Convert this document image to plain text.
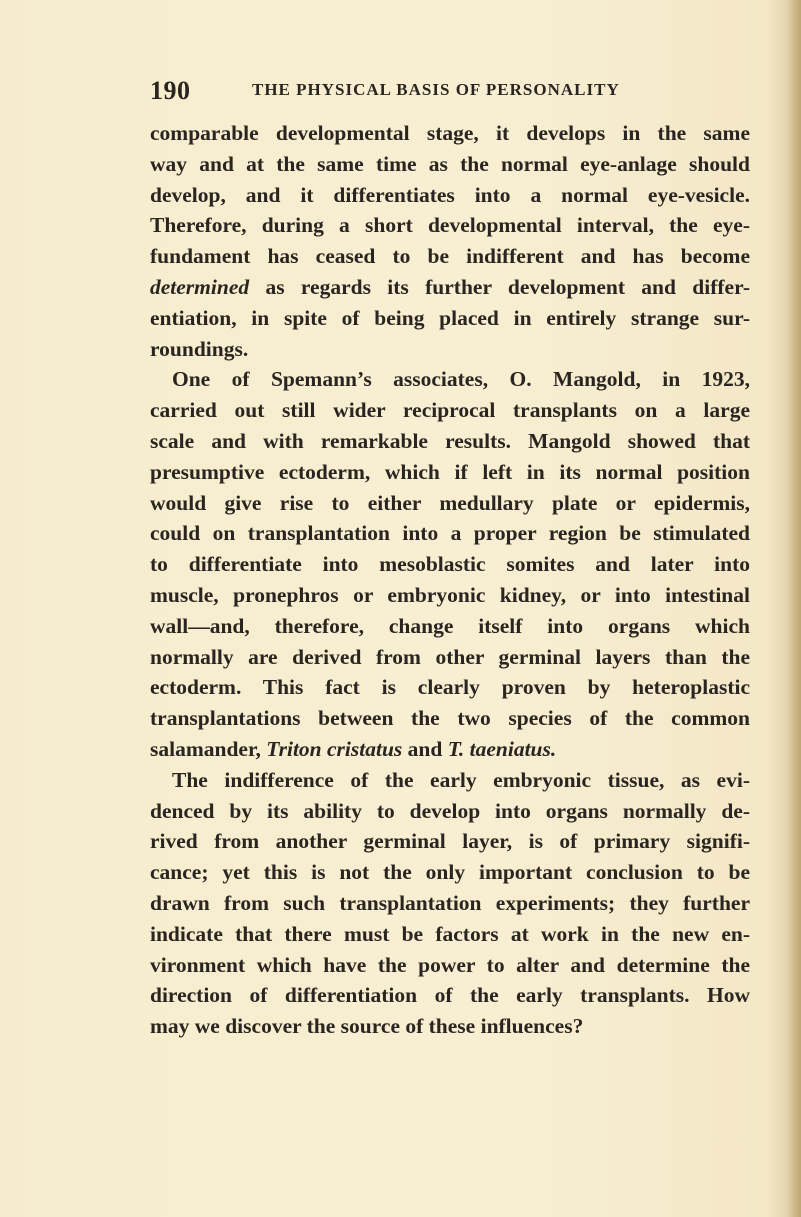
190	THE PHYSICAL BASIS OF PERSONALITY
comparable developmental stage, it develops in the same
way and at the same time as the normal eye-anlage should
develop, and it differentiates into a normal eye-vesicle.
Therefore, during a short developmental interval, the eye-
fundament has ceased to be indifferent and has become
determined as regards its further development and differ-
entiation, in spite of being placed in entirely strange sur-
roundings.
One of Spemann’s associates, O. Mangold, in 1923,
carried out still wider reciprocal transplants on a large
scale and with remarkable results. Mangold showed that
presumptive ectoderm, which if left in its normal position
would give rise to either medullary plate or epidermis,
could on transplantation into a proper region be stimulated
to differentiate into mesoblastic somites and later into
muscle, pronephros or embryonic kidney, or into intestinal
wall—and, therefore, change itself into organs which
normally are derived from other germinal layers than the
ectoderm. This fact is clearly proven by heteroplastic
transplantations between the two species of the common
salamander, Triton cristatus and T. taeniatus.
The indifference of the early embryonic tissue, as evi-
denced by its ability to develop into organs normally de-
rived from another germinal layer, is of primary signifi-
cance; yet this is not the only important conclusion to be
drawn from such transplantation experiments; they further
indicate that there must be factors at work in the new en-
vironment which have the power to alter and determine the
direction of differentiation of the early transplants. How
may we discover the source of these influences?
